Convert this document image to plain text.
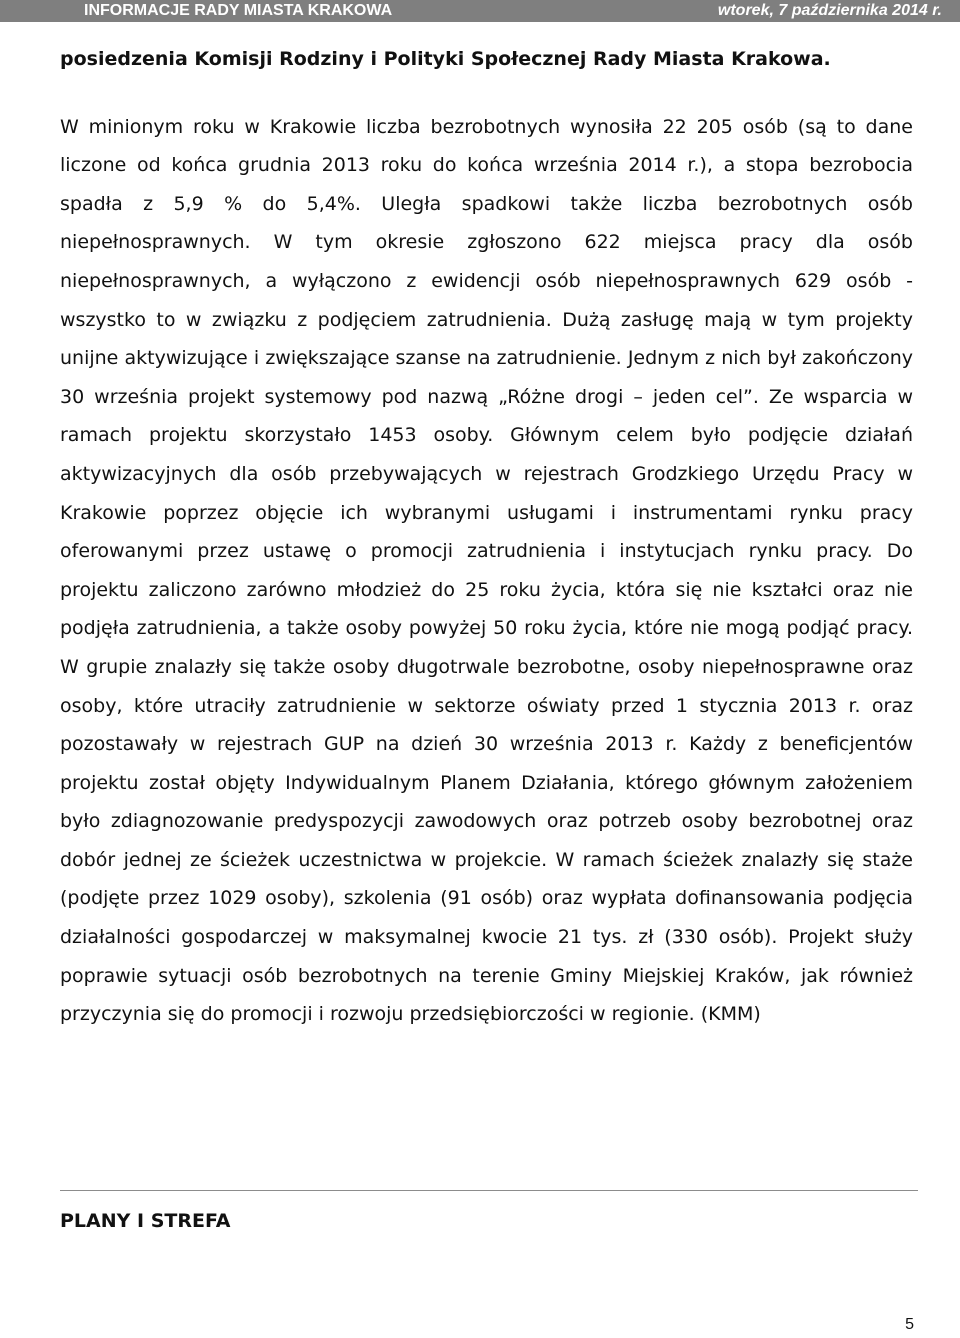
INFORMACJE RADY MIASTA KRAKOWA	wtorek, 7 października 2014 r.

posiedzenia Komisji Rodziny i Polityki Społecznej Rady Miasta Krakowa.

W minionym roku w Krakowie liczba bezrobotnych wynosiła 22 205 osób (są to dane liczone od końca grudnia 2013 roku do końca września 2014 r.), a stopa bezrobocia spadła z 5,9 % do 5,4%. Uległa spadkowi także liczba bezrobotnych osób niepełnosprawnych. W tym okresie zgłoszono 622 miejsca pracy dla osób niepełnosprawnych, a wyłączono z ewidencji osób niepełnosprawnych 629 osób - wszystko to w związku z podjęciem zatrudnienia. Dużą zasługę mają w tym projekty unijne aktywizujące i zwiększające szanse na zatrudnienie. Jednym z nich był zakończony 30 września projekt systemowy pod nazwą „Różne drogi – jeden cel”. Ze wsparcia w ramach projektu skorzystało 1453 osoby. Głównym celem było podjęcie działań aktywizacyjnych dla osób przebywających w rejestrach Grodzkiego Urzędu Pracy w Krakowie poprzez objęcie ich wybranymi usługami i instrumentami rynku pracy oferowanymi przez ustawę o promocji zatrudnienia i instytucjach rynku pracy. Do projektu zaliczono zarówno młodzież do 25 roku życia, która się nie kształci oraz nie podjęła zatrudnienia, a także osoby powyżej 50 roku życia, które nie mogą podjąć pracy. W grupie znalazły się także osoby długotrwale bezrobotne, osoby niepełnosprawne oraz osoby, które utraciły zatrudnienie w sektorze oświaty przed 1 stycznia 2013 r. oraz pozostawały w rejestrach GUP na dzień 30 września 2013 r. Każdy z beneficjentów projektu został objęty Indywidualnym Planem Działania, którego głównym założeniem było zdiagnozowanie predyspozycji zawodowych oraz potrzeb osoby bezrobotnej oraz dobór jednej ze ścieżek uczestnictwa w projekcie. W ramach ścieżek znalazły się staże (podjęte przez 1029 osoby), szkolenia (91 osób) oraz wypłata dofinansowania podjęcia działalności gospodarczej w maksymalnej kwocie 21 tys. zł (330 osób). Projekt służy poprawie sytuacji osób bezrobotnych na terenie Gminy Miejskiej Kraków, jak również przyczynia się do promocji i rozwoju przedsiębiorczości w regionie. (KMM)

PLANY I STREFA
5
